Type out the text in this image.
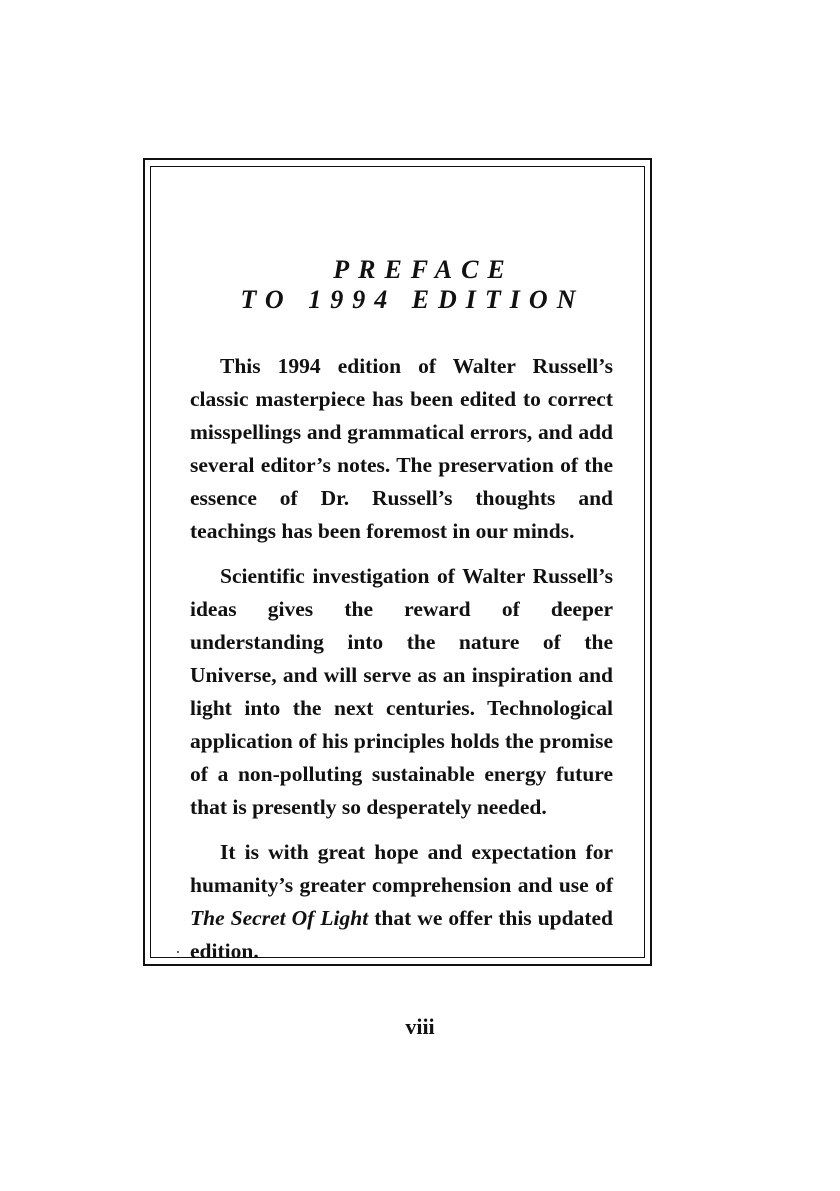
PREFACE
TO 1994 EDITION

This 1994 edition of Walter Russell’s classic masterpiece has been edited to correct misspellings and grammatical errors, and add several editor’s notes. The preservation of the essence of Dr. Russell’s thoughts and teachings has been foremost in our minds.

Scientific investigation of Walter Russell’s ideas gives the reward of deeper understanding into the nature of the Universe, and will serve as an inspiration and light into the next centuries. Technological application of his principles holds the promise of a non-polluting sustainable energy future that is presently so desperately needed.

It is with great hope and expectation for humanity’s greater comprehension and use of The Secret Of Light that we offer this updated edition.

viii
